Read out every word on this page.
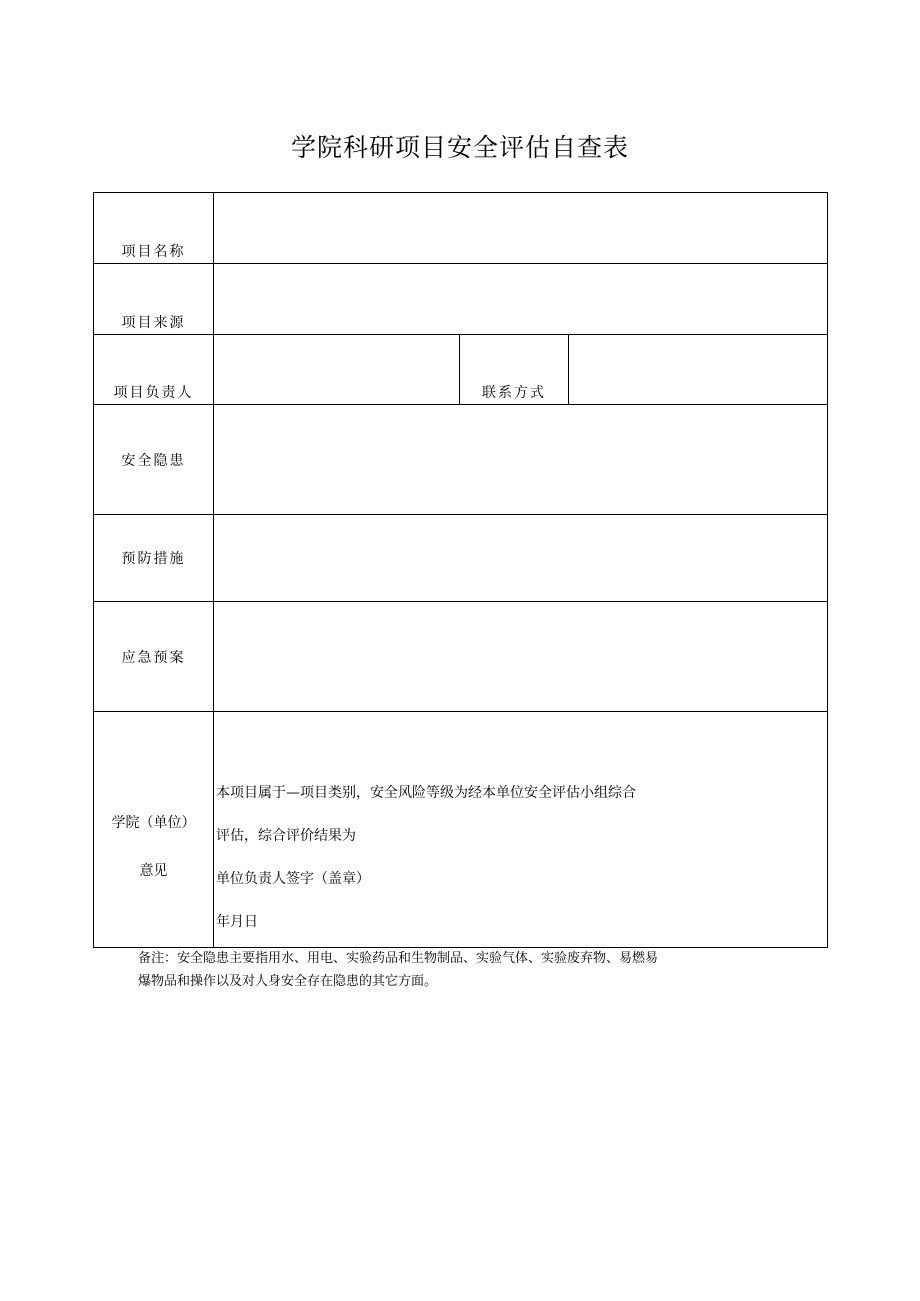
学院科研项目安全评估自查表
项目名称			
项目来源			
项目负责人		联系方式	
安全隐患			
预防措施			
应急预案			

学院（单位）
意见	本项目属于—项目类别，安全风险等级为经本单位安全评估小组综合
评估，综合评价结果为
单位负责人签字（盖章）
年月日		
备注：安全隐患主要指用水、用电、实验药品和生物制品、实验气体、实验废弃物、易燃易
爆物品和操作以及对人身安全存在隐患的其它方面。
